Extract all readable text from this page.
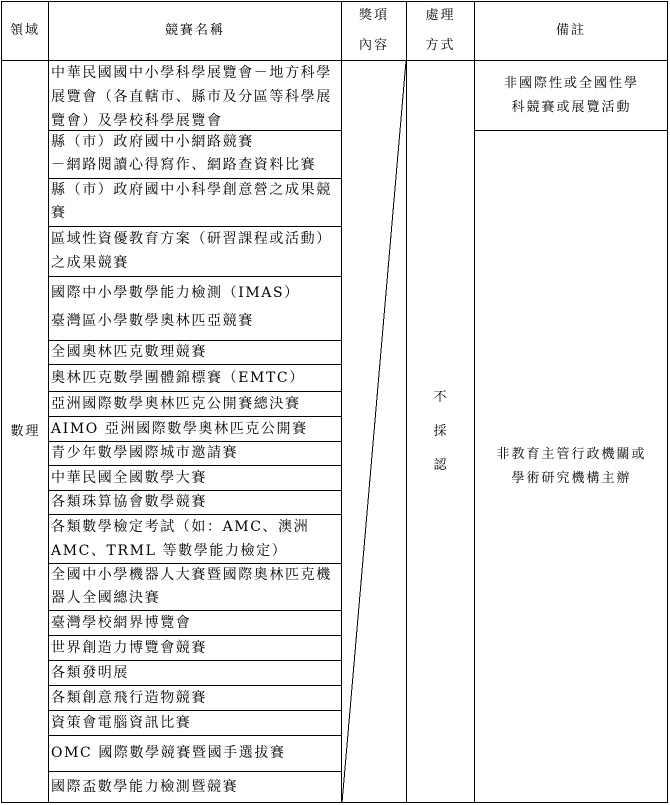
領域	競賽名稱
獎項
內容
處理
方式
備註
數理
不
採
認
非國際性或全國性學
科競賽或展覽活動
非教育主管行政機關或
學術研究機構主辦
中華民國國中小學科學展覽會－地方科學
展覽會（各直轄市、縣市及分區等科學展
覽會）及學校科學展覽會
縣（市）政府國中小網路競賽
－網路閱讀心得寫作、網路查資料比賽
縣（市）政府國中小科學創意營之成果競
賽
區域性資優教育方案（研習課程或活動）
之成果競賽
國際中小學數學能力檢測（IMAS）
臺灣區小學數學奧林匹亞競賽
全國奧林匹克數理競賽
奧林匹克數學團體錦標賽（EMTC）
亞洲國際數學奧林匹克公開賽總決賽
AIMO 亞洲國際數學奧林匹克公開賽
青少年數學國際城市邀請賽
中華民國全國數學大賽
各類珠算協會數學競賽
各類數學檢定考試（如：AMC、澳洲
AMC、TRML 等數學能力檢定）
全國中小學機器人大賽暨國際奧林匹克機
器人全國總決賽
臺灣學校網界博覽會
世界創造力博覽會競賽
各類發明展
各類創意飛行造物競賽
資策會電腦資訊比賽
OMC 國際數學競賽暨國手選拔賽
國際盃數學能力檢測暨競賽
